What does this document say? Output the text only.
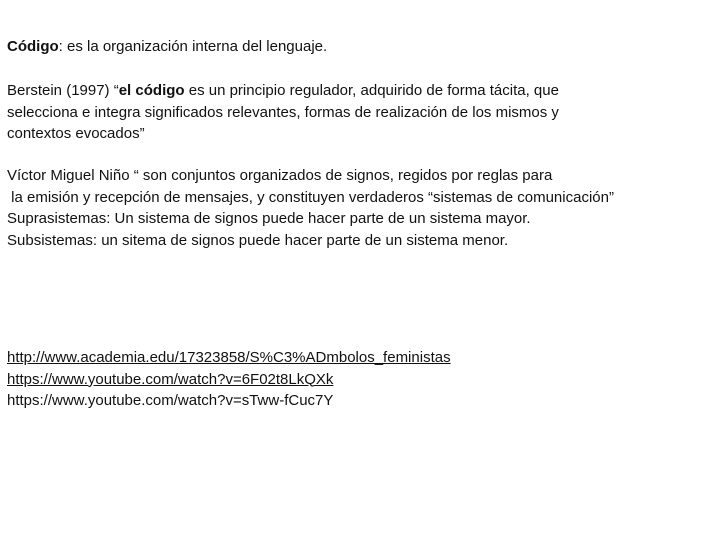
Código: es la organización interna del lenguaje.
Berstein (1997) “el código es un principio regulador, adquirido de forma tácita, que
selecciona e integra significados relevantes, formas de realización de los mismos y
contextos evocados”
Víctor Miguel Niño “ son conjuntos organizados de signos, regidos por reglas para
la emisión y recepción de mensajes, y constituyen verdaderos “sistemas de comunicación”
Suprasistemas: Un sistema de signos puede hacer parte de un sistema mayor.
Subsistemas: un sitema de signos puede hacer parte de un sistema menor.
http://www.academia.edu/17323858/S%C3%ADmbolos_feministas
https://www.youtube.com/watch?v=6F02t8LkQXk
https://www.youtube.com/watch?v=sTww-fCuc7Y
